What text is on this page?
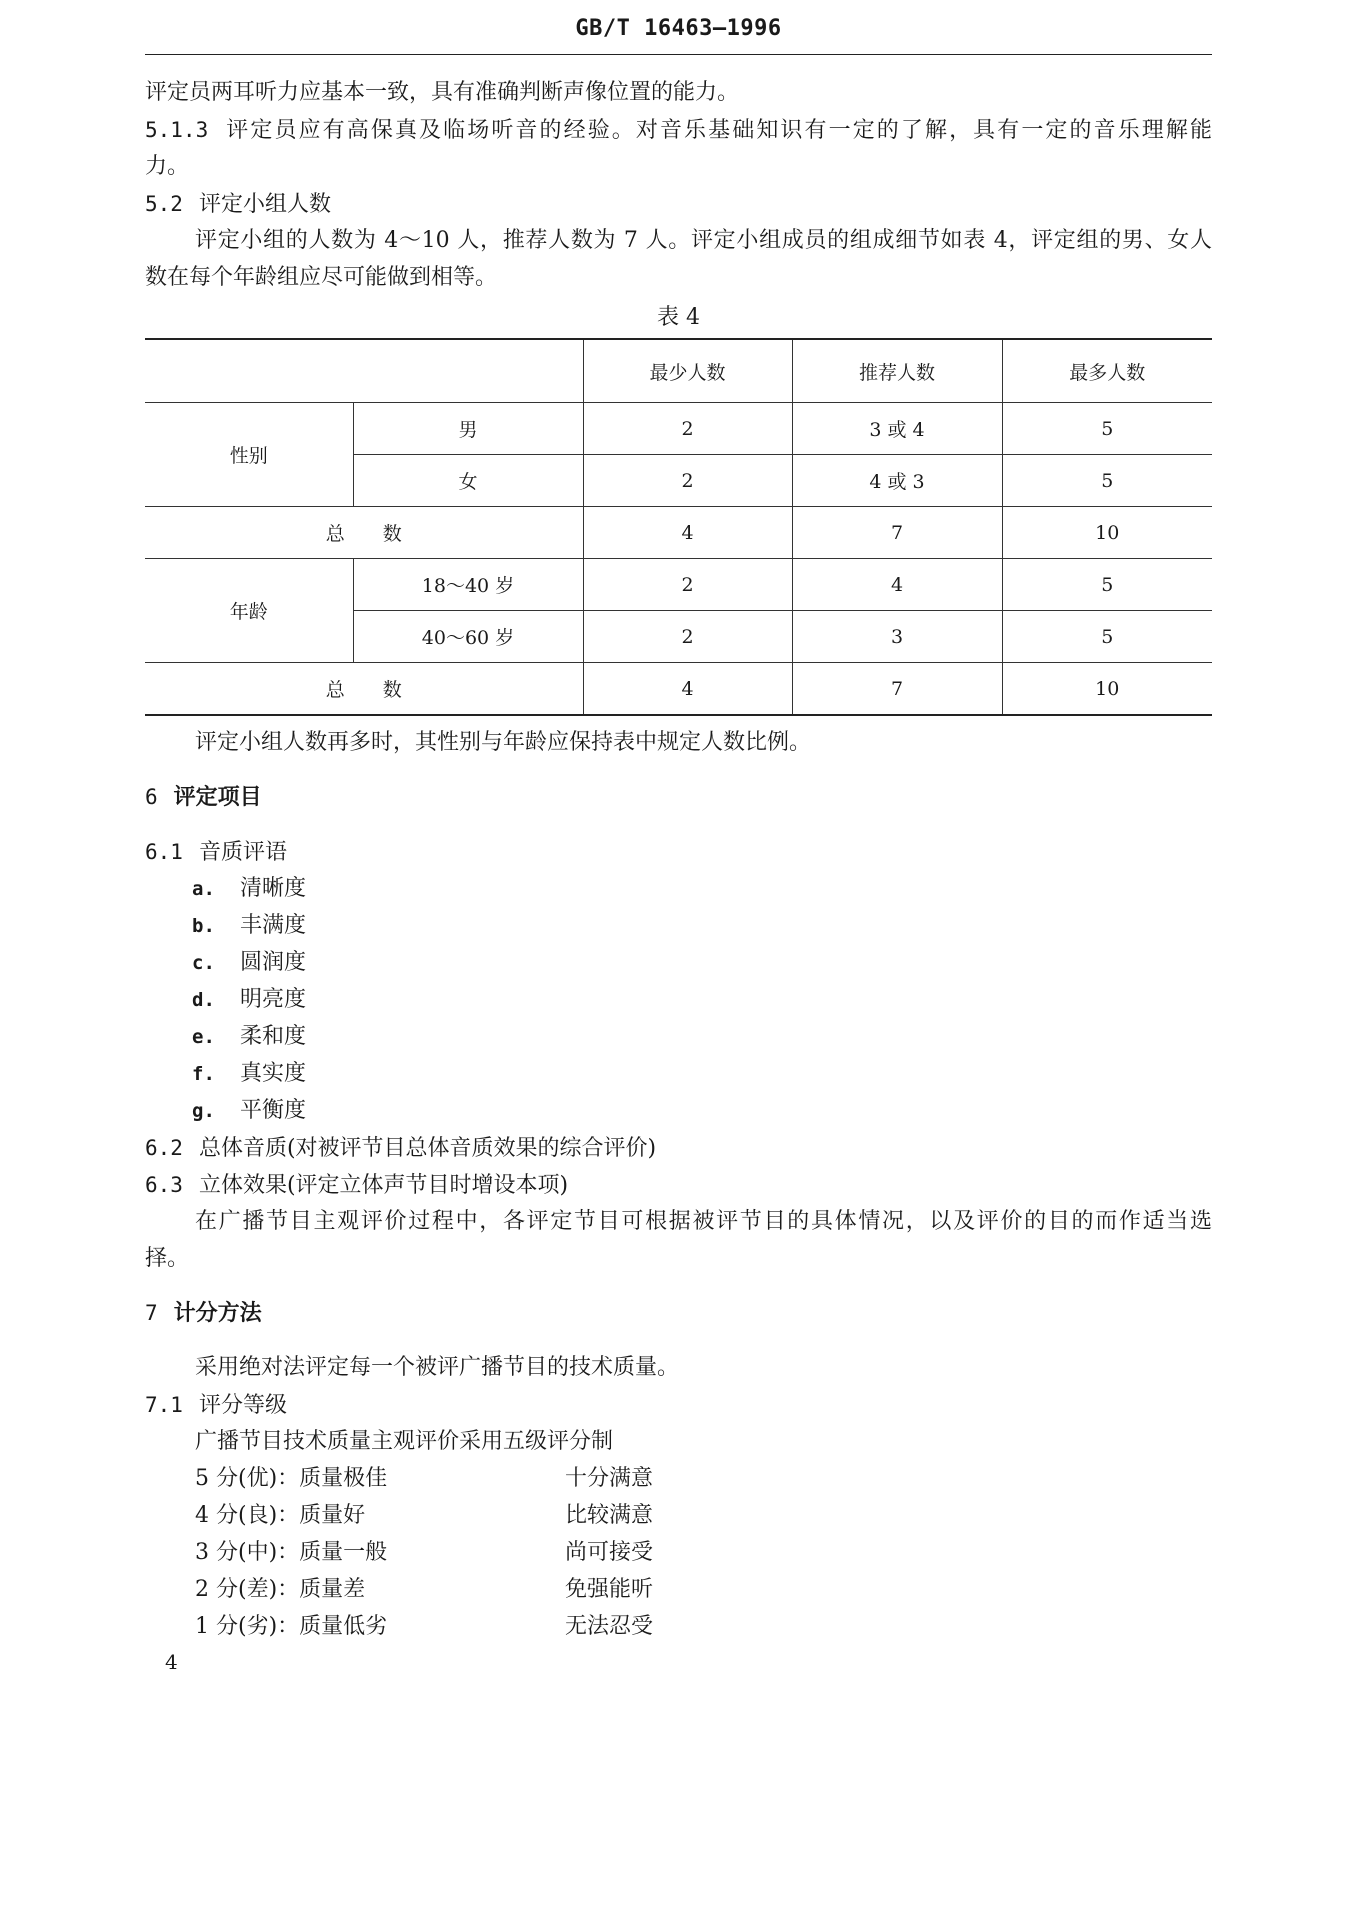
GB/T 16463—1996
评定员两耳听力应基本一致，具有准确判断声像位置的能力。
5.1.3 评定员应有高保真及临场听音的经验。对音乐基础知识有一定的了解，具有一定的音乐理解能
力。
5.2 评定小组人数
评定小组的人数为 4～10 人，推荐人数为 7 人。评定小组成员的组成细节如表 4，评定组的男、女人
数在每个年龄组应尽可能做到相等。
表 4
		最少人数	推荐人数	最多人数
性别	男	2	3 或 4	5
	女	2	4 或 3	5
总　　数		4	7	10
年龄	18～40 岁	2	4	5
	40～60 岁	2	3	5
总　　数		4	7	10
评定小组人数再多时，其性别与年龄应保持表中规定人数比例。
6 评定项目
6.1 音质评语
a. 清晰度
b. 丰满度
c. 圆润度
d. 明亮度
e. 柔和度
f. 真实度
g. 平衡度
6.2 总体音质(对被评节目总体音质效果的综合评价)
6.3 立体效果(评定立体声节目时增设本项)
在广播节目主观评价过程中，各评定节目可根据被评节目的具体情况，以及评价的目的而作适当选
择。
7 计分方法
采用绝对法评定每一个被评广播节目的技术质量。
7.1 评分等级
广播节目技术质量主观评价采用五级评分制
5 分(优)：质量极佳	十分满意
4 分(良)：质量好	比较满意
3 分(中)：质量一般	尚可接受
2 分(差)：质量差	免强能听
1 分(劣)：质量低劣	无法忍受
4
